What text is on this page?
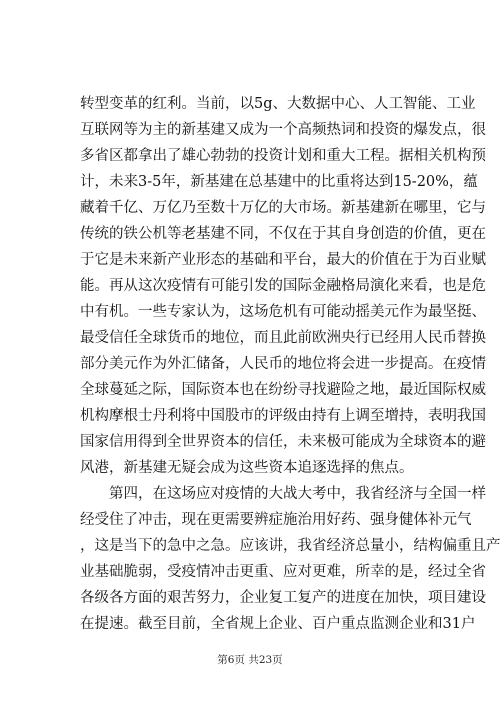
转型变革的红利。当前，以5g、大数据中心、人工智能、工业
互联网等为主的新基建又成为一个高频热词和投资的爆发点，很
多省区都拿出了雄心勃勃的投资计划和重大工程。据相关机构预
计，未来3-5年，新基建在总基建中的比重将达到15-20%，蕴
藏着千亿、万亿乃至数十万亿的大市场。新基建新在哪里，它与
传统的铁公机等老基建不同，不仅在于其自身创造的价值，更在
于它是未来新产业形态的基础和平台，最大的价值在于为百业赋
能。再从这次疫情有可能引发的国际金融格局演化来看，也是危
中有机。一些专家认为，这场危机有可能动摇美元作为最坚挺、
最受信任全球货币的地位，而且此前欧洲央行已经用人民币替换
部分美元作为外汇储备，人民币的地位将会进一步提高。在疫情
全球蔓延之际，国际资本也在纷纷寻找避险之地，最近国际权威
机构摩根士丹利将中国股市的评级由持有上调至增持，表明我国
国家信用得到全世界资本的信任，未来极可能成为全球资本的避
风港，新基建无疑会成为这些资本追逐选择的焦点。
　　第四，在这场应对疫情的大战大考中，我省经济与全国一样
经受住了冲击，现在更需要辨症施治用好药、强身健体补元气
，这是当下的急中之急。应该讲，我省经济总量小，结构偏重且产
业基础脆弱，受疫情冲击更重、应对更难，所幸的是，经过全省
各级各方面的艰苦努力，企业复工复产的进度在加快，项目建设
在提速。截至目前，全省规上企业、百户重点监测企业和31户
第6页 共23页
